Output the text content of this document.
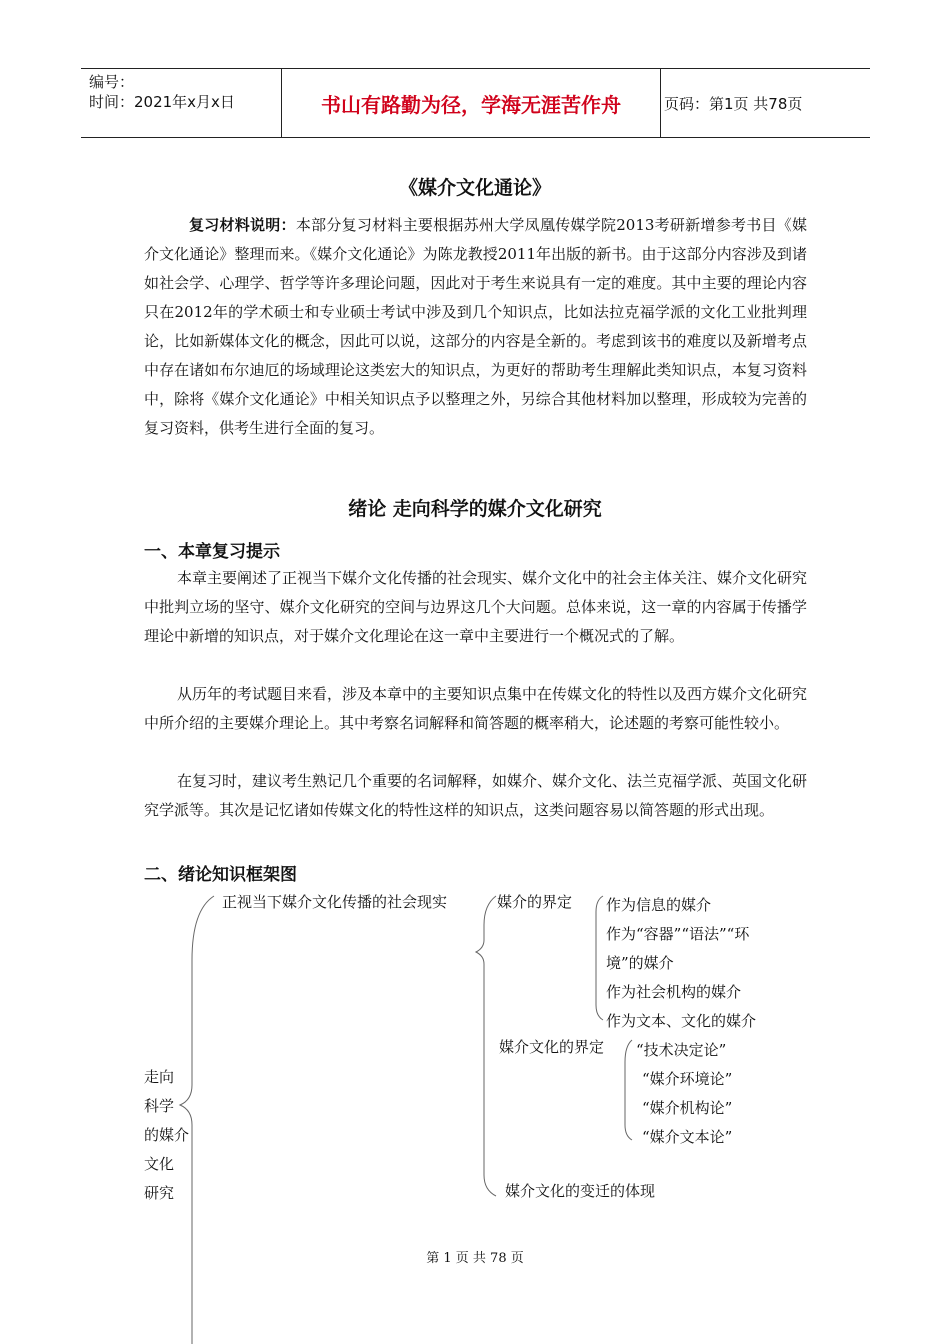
编号：
时间：2021年x月x日	书山有路勤为径，学海无涯苦作舟	页码：第1页 共78页
《媒介文化通论》

复习材料说明：本部分复习材料主要根据苏州大学凤凰传媒学院2013考研新增参考书目《媒介文化通论》整理而来。《媒介文化通论》为陈龙教授2011年出版的新书。由于这部分内容涉及到诸如社会学、心理学、哲学等许多理论问题，因此对于考生来说具有一定的难度。其中主要的理论内容只在2012年的学术硕士和专业硕士考试中涉及到几个知识点，比如法拉克福学派的文化工业批判理论，比如新媒体文化的概念，因此可以说，这部分的内容是全新的。考虑到该书的难度以及新增考点中存在诸如布尔迪厄的场域理论这类宏大的知识点，为更好的帮助考生理解此类知识点，本复习资料中，除将《媒介文化通论》中相关知识点予以整理之外，另综合其他材料加以整理，形成较为完善的复习资料，供考生进行全面的复习。

绪论 走向科学的媒介文化研究
一、本章复习提示

本章主要阐述了正视当下媒介文化传播的社会现实、媒介文化中的社会主体关注、媒介文化研究中批判立场的坚守、媒介文化研究的空间与边界这几个大问题。总体来说，这一章的内容属于传播学理论中新增的知识点，对于媒介文化理论在这一章中主要进行一个概况式的了解。

从历年的考试题目来看，涉及本章中的主要知识点集中在传媒文化的特性以及西方媒介文化研究中所介绍的主要媒介理论上。其中考察名词解释和简答题的概率稍大，论述题的考察可能性较小。

在复习时，建议考生熟记几个重要的名词解释，如媒介、媒介文化、法兰克福学派、英国文化研究学派等。其次是记忆诸如传媒文化的特性这样的知识点，这类问题容易以简答题的形式出现。

二、绪论知识框架图
走向
科学
的媒介
文化
研究
正视当下媒介文化传播的社会现实	媒介的界定 作为信息的媒介
作为“容器”“语法”“环
境”的媒介
作为社会机构的媒介
作为文本、文化的媒介
媒介文化的界定 “技术决定论”
“媒介环境论”
“媒介机构论”
“媒介文本论”
媒介文化的变迁的体现
第 1 页 共 78 页
